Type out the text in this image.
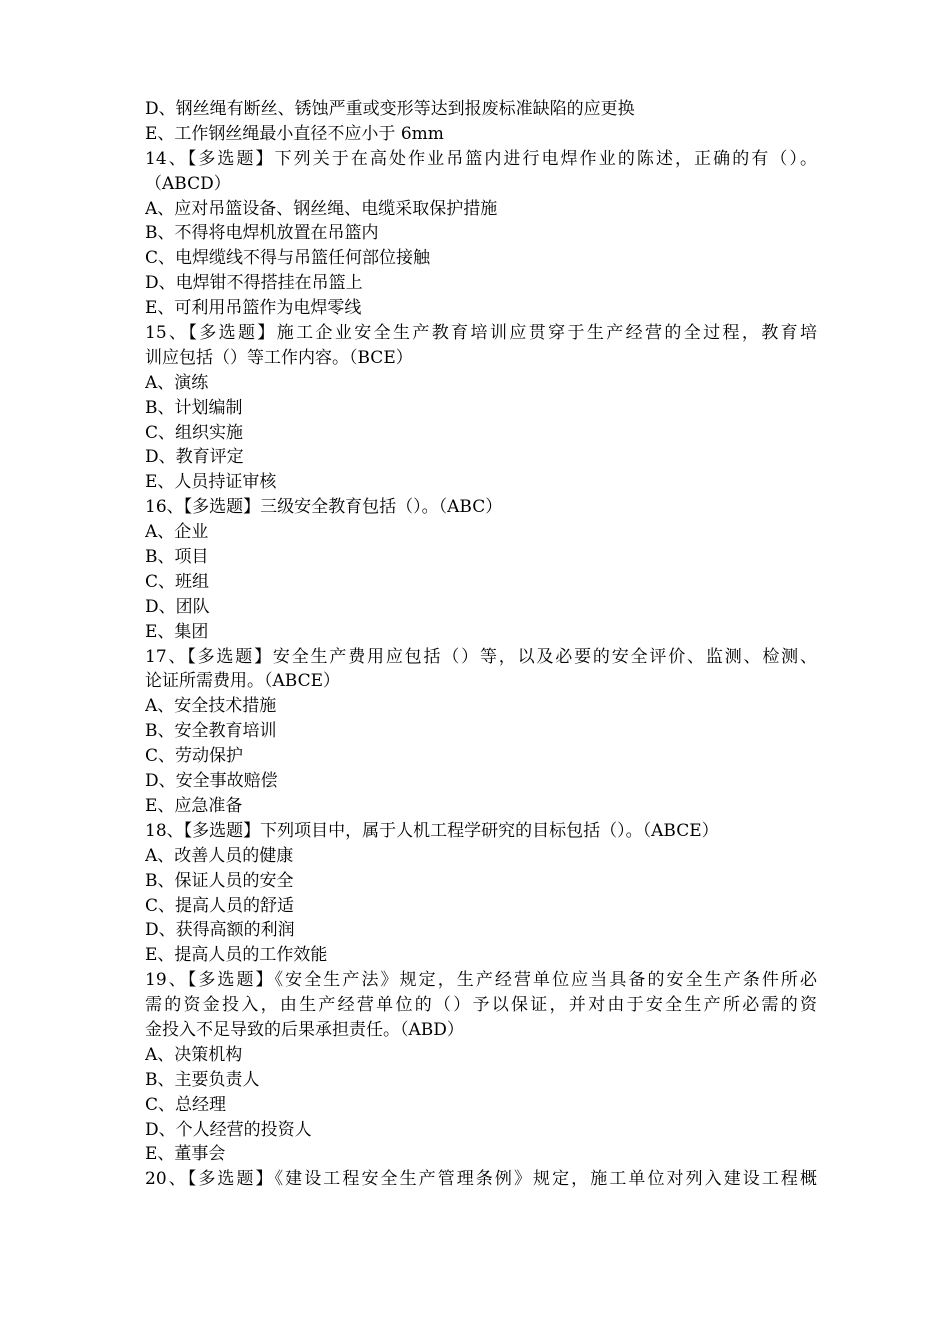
D、钢丝绳有断丝、锈蚀严重或变形等达到报废标准缺陷的应更换
E、工作钢丝绳最小直径不应小于 6mm
14、【多选题】下列关于在高处作业吊篮内进行电焊作业的陈述，正确的有（）。
（ABCD）
A、应对吊篮设备、钢丝绳、电缆采取保护措施
B、不得将电焊机放置在吊篮内
C、电焊缆线不得与吊篮任何部位接触
D、电焊钳不得搭挂在吊篮上
E、可利用吊篮作为电焊零线
15、【多选题】施工企业安全生产教育培训应贯穿于生产经营的全过程，教育培
训应包括（）等工作内容。（BCE）
A、演练
B、计划编制
C、组织实施
D、教育评定
E、人员持证审核
16、【多选题】三级安全教育包括（）。（ABC）
A、企业
B、项目
C、班组
D、团队
E、集团
17、【多选题】安全生产费用应包括（）等，以及必要的安全评价、监测、检测、
论证所需费用。（ABCE）
A、安全技术措施
B、安全教育培训
C、劳动保护
D、安全事故赔偿
E、应急准备
18、【多选题】下列项目中，属于人机工程学研究的目标包括（）。（ABCE）
A、改善人员的健康
B、保证人员的安全
C、提高人员的舒适
D、获得高额的利润
E、提高人员的工作效能
19、【多选题】《安全生产法》规定，生产经营单位应当具备的安全生产条件所必
需的资金投入，由生产经营单位的（）予以保证，并对由于安全生产所必需的资
金投入不足导致的后果承担责任。（ABD）
A、决策机构
B、主要负责人
C、总经理
D、个人经营的投资人
E、董事会
20、【多选题】《建设工程安全生产管理条例》规定，施工单位对列入建设工程概
